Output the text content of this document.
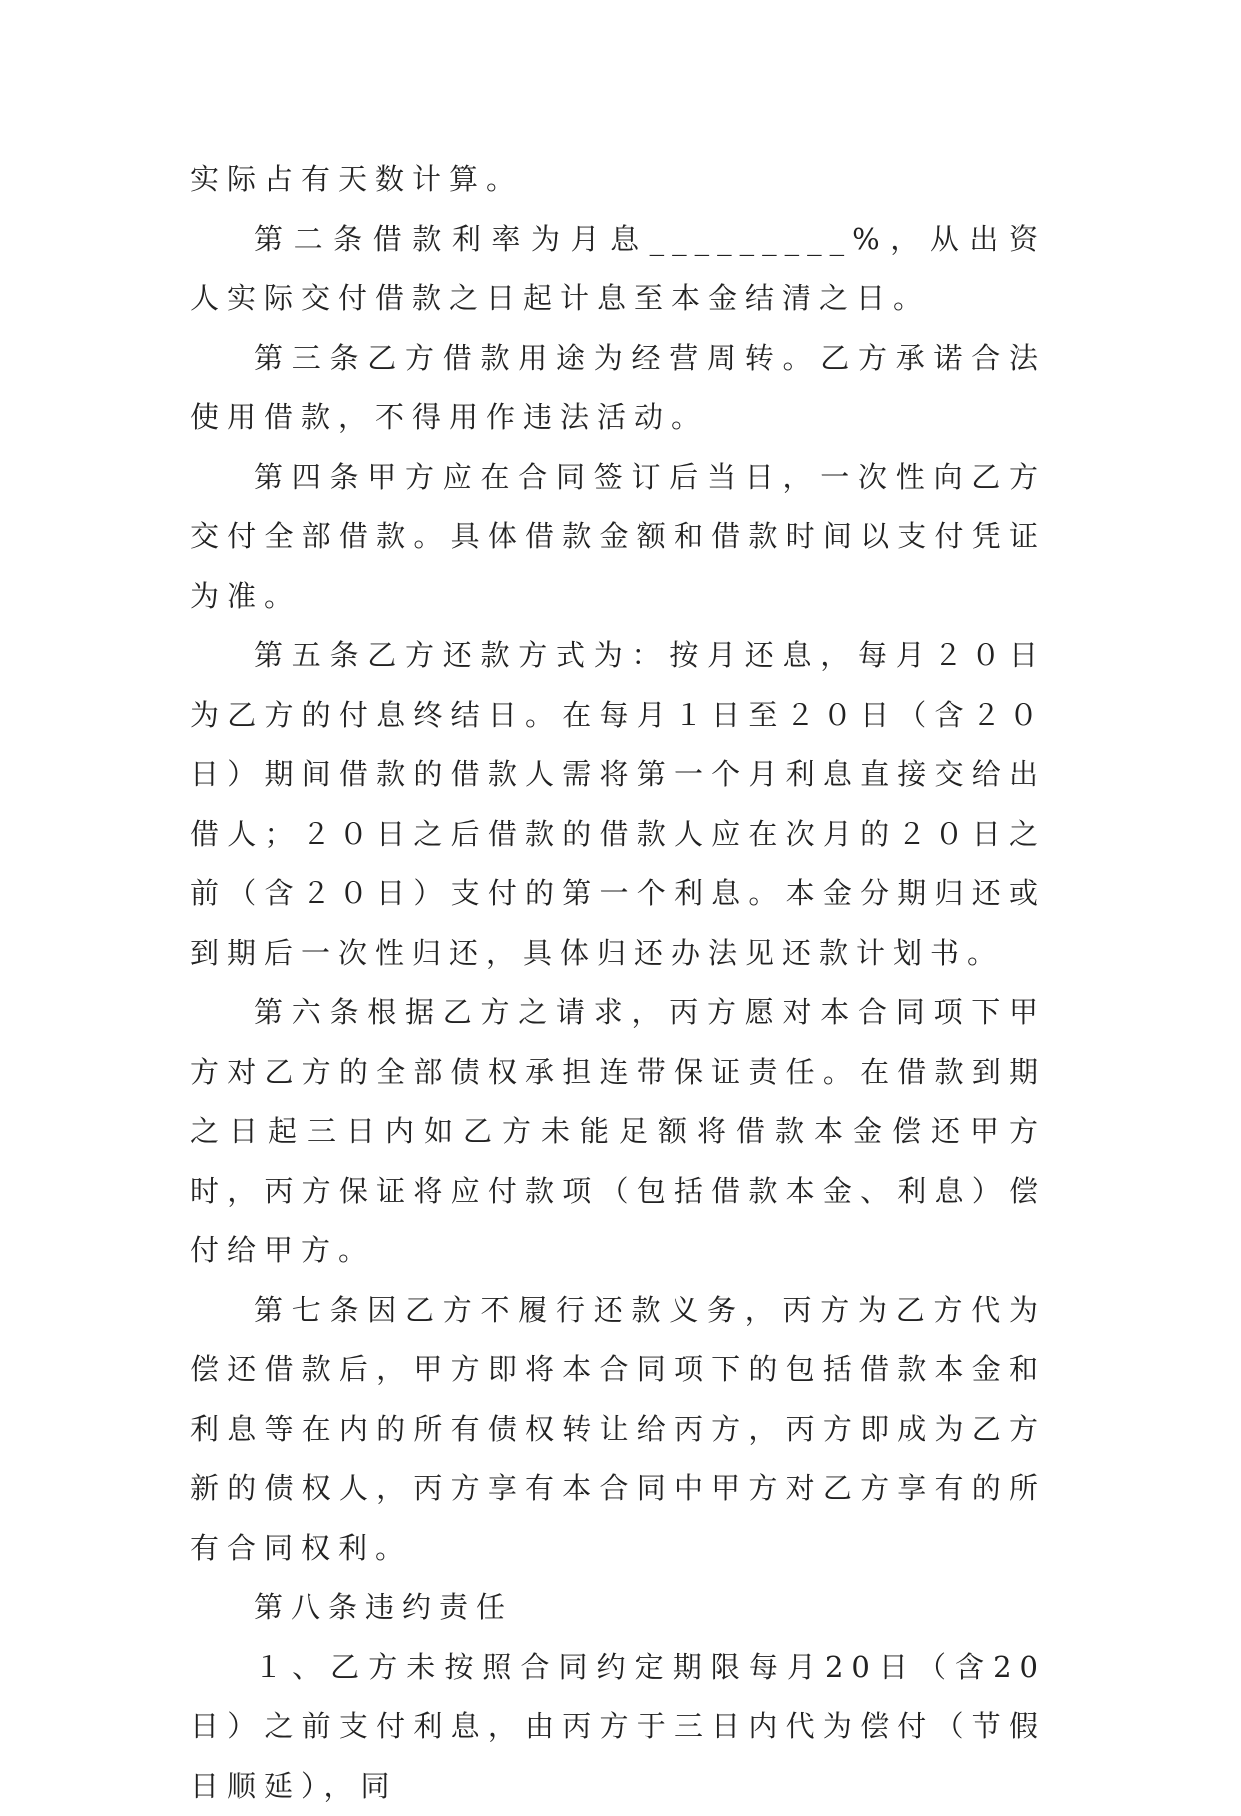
实际占有天数计算。

第二条借款利率为月息_________%，从出资人实际交付借款之日起计息至本金结清之日。

第三条乙方借款用途为经营周转。乙方承诺合法使用借款，不得用作违法活动。

第四条甲方应在合同签订后当日，一次性向乙方交付全部借款。具体借款金额和借款时间以支付凭证为准。

第五条乙方还款方式为：按月还息，每月２０日为乙方的付息终结日。在每月１日至２０日（含２０日）期间借款的借款人需将第一个月利息直接交给出借人；２０日之后借款的借款人应在次月的２０日之前（含２０日）支付的第一个利息。本金分期归还或到期后一次性归还，具体归还办法见还款计划书。

第六条根据乙方之请求，丙方愿对本合同项下甲方对乙方的全部债权承担连带保证责任。在借款到期之日起三日内如乙方未能足额将借款本金偿还甲方时，丙方保证将应付款项（包括借款本金、利息）偿付给甲方。

第七条因乙方不履行还款义务，丙方为乙方代为偿还借款后，甲方即将本合同项下的包括借款本金和利息等在内的所有债权转让给丙方，丙方即成为乙方新的债权人，丙方享有本合同中甲方对乙方享有的所有合同权利。

第八条违约责任

１、乙方未按照合同约定期限每月20日（含20日）之前支付利息，由丙方于三日内代为偿付（节假日顺延），同
